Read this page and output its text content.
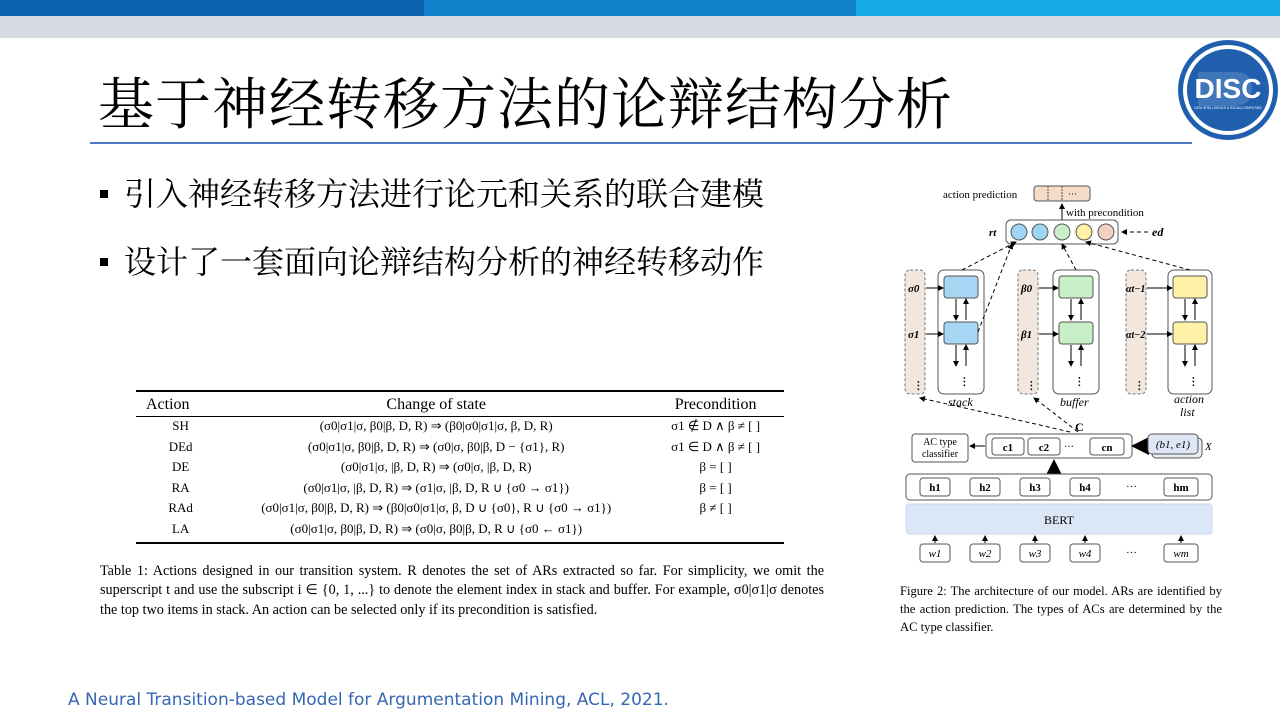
基于神经转移方法的论辩结构分析	DISC
DATA INTELLIGENCE & SOCIAL COMPUTING
引入神经转移方法进行论元和关系的联合建模
设计了一套面向论辩结构分析的神经转移动作
Action	Change of state	Precondition
SH	(σ0|σ1|σ, β0|β, D, R) ⇒ (β0|σ0|σ1|σ, β, D, R)	σ1 ∉ D ∧ β ≠ [ ]
DEd	(σ0|σ1|σ, β0|β, D, R) ⇒ (σ0|σ, β0|β, D − {σ1}, R)	σ1 ∈ D ∧ β ≠ [ ]
DE	(σ0|σ1|σ, |β, D, R) ⇒ (σ0|σ, |β, D, R)	β = [ ]
RA	(σ0|σ1|σ, |β, D, R) ⇒ (σ1|σ, |β, D, R ∪ {σ0 → σ1})	β = [ ]
RAd	(σ0|σ1|σ, β0|β, D, R) ⇒ (β0|σ0|σ1|σ, β, D ∪ {σ0}, R ∪ {σ0 → σ1})	β ≠ [ ]
LA	(σ0|σ1|σ, β0|β, D, R) ⇒ (σ0|σ, β0|β, D, R ∪ {σ0 ← σ1})	
Table 1: Actions designed in our transition system. R denotes the set of ARs extracted so far. For simplicity, we omit the superscript t and use the subscript i ∈ {0, 1, ...} to denote the element index in stack and buffer. For example, σ0|σ1|σ denotes the top two items in stack. An action can be selected only if its precondition is satisfied.
action prediction	···
with precondition
rt	ed
σ0
σ1
···	···
stack
β0
β1
···	···
buffer
αt−1
αt−2
···	···
action
list
C
AC type
classifier
c1 c2 ···	cn	(b1, e1) X
h1	h2	h3	h4	···	hm
BERT
w1	w2	w3	w4	···	wm
Figure 2: The architecture of our model. ARs are identified by the action prediction. The types of ACs are determined by the AC type classifier.
A Neural Transition-based Model for Argumentation Mining, ACL, 2021.
